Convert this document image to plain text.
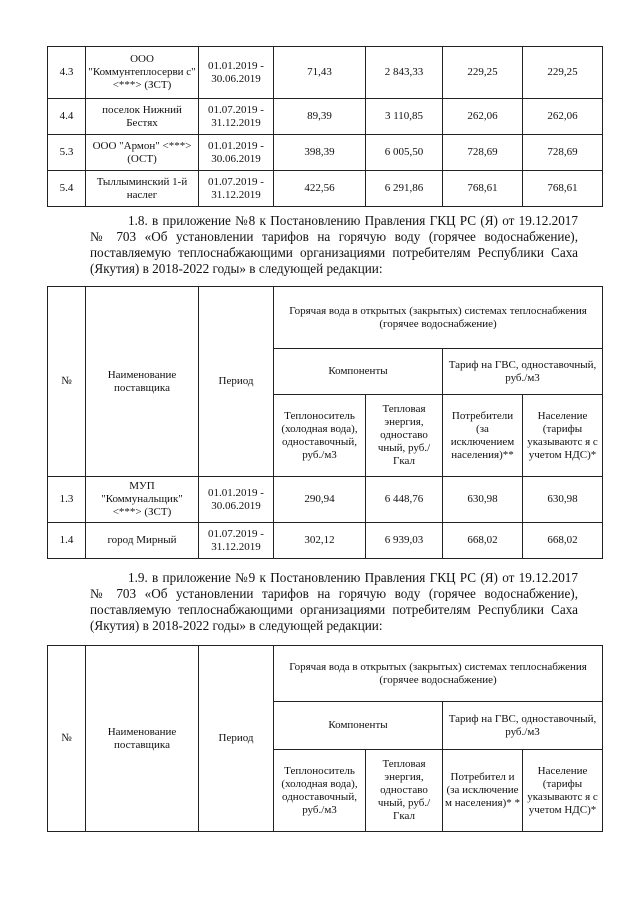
4.3	ООО "Коммунтеплосерви с" <***> (ЗСТ)	01.01.2019 - 30.06.2019	71,43	2 843,33	229,25	229,25
4.4	поселок Нижний Бестях	01.07.2019 - 31.12.2019	89,39	3 110,85	262,06	262,06
5.3	ООО "Армон" <***> (ОСТ)	01.01.2019 - 30.06.2019	398,39	6 005,50	728,69	728,69
5.4	Тыллыминский 1-й наслег	01.07.2019 - 31.12.2019	422,56	6 291,86	768,61	768,61
1.8. в приложение №8 к Постановлению Правления ГКЦ РС (Я) от 19.12.2017 № 703 «Об установлении тарифов на горячую воду (горячее водоснабжение), поставляемую теплоснабжающими организациями потребителям Республики Саха (Якутия) в 2018-2022 годы» в следующей редакции:
№	Наименование поставщика	Период	Горячая вода в открытых (закрытых) системах теплоснабжения (горячее водоснабжение)			
			Компоненты		Тариф на ГВС, одноставочный, руб./м3	
			Теплоноситель (холодная вода), одноставочный, руб./м3	Тепловая энергия, одноставо чный, руб./Гкал	Потребители (за исключением населения)**	Население (тарифы указываютс я с учетом НДС)*
1.3	МУП "Коммунальщик" <***> (ЗСТ)	01.01.2019 - 30.06.2019	290,94	6 448,76	630,98	630,98
1.4	город Мирный	01.07.2019 - 31.12.2019	302,12	6 939,03	668,02	668,02
1.9. в приложение №9 к Постановлению Правления ГКЦ РС (Я) от 19.12.2017 № 703 «Об установлении тарифов на горячую воду (горячее водоснабжение), поставляемую теплоснабжающими организациями потребителям Республики Саха (Якутия) в 2018-2022 годы» в следующей редакции:
№	Наименование поставщика	Период	Горячая вода в открытых (закрытых) системах теплоснабжения (горячее водоснабжение)			
			Компоненты		Тариф на ГВС, одноставочный, руб./м3	
			Теплоноситель (холодная вода), одноставочный, руб./м3	Тепловая энергия, одноставо чный, руб./Гкал	Потребител и (за исключение м населения)* *	Население (тарифы указываютс я с учетом НДС)*
